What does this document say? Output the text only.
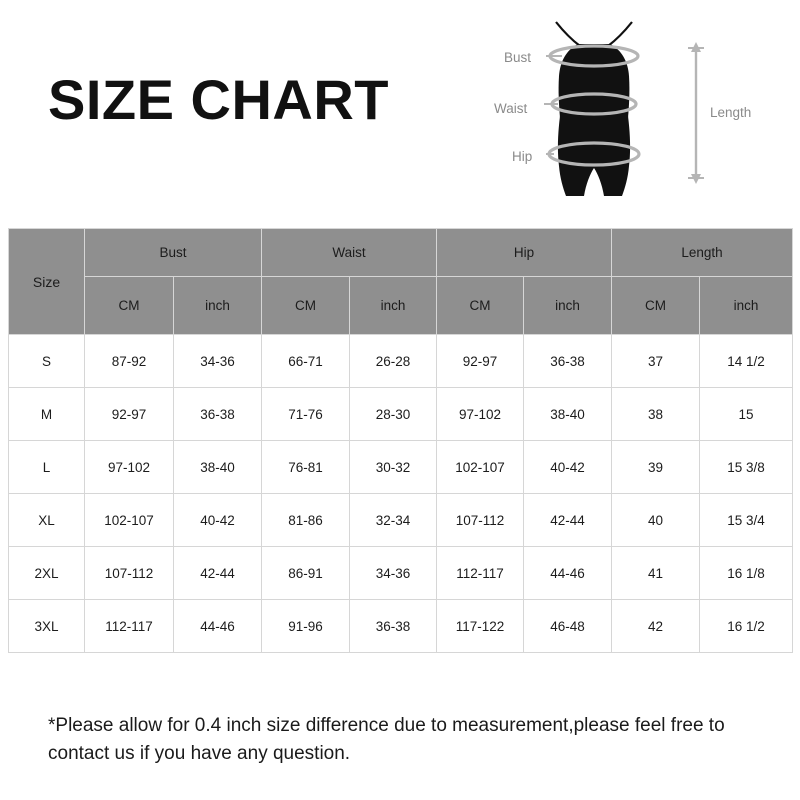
SIZE CHART
Bust
Waist
Hip
Length
Size	Bust		Waist		Hip		Length	
	CM	inch	CM	inch	CM	inch	CM	inch
S	87-92	34-36	66-71	26-28	92-97	36-38	37	14 1/2
M	92-97	36-38	71-76	28-30	97-102	38-40	38	15
L	97-102	38-40	76-81	30-32	102-107	40-42	39	15 3/8
XL	102-107	40-42	81-86	32-34	107-112	42-44	40	15 3/4
2XL	107-112	42-44	86-91	34-36	112-117	44-46	41	16 1/8
3XL	112-117	44-46	91-96	36-38	117-122	46-48	42	16 1/2
*Please allow for 0.4 inch size difference due to measurement,please feel free to contact us if you have any question.
